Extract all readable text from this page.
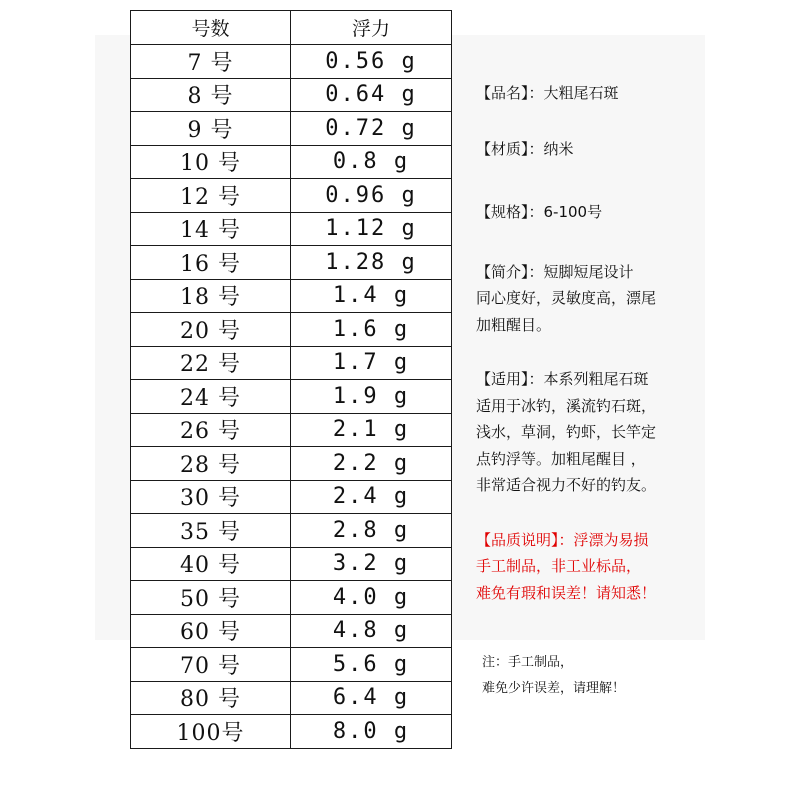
号数	浮力
7 号	0.56 g
8 号	0.64 g
9 号	0.72 g
10 号	0.8 g
12 号	0.96 g
14 号	1.12 g
16 号	1.28 g
18 号	1.4 g
20 号	1.6 g
22 号	1.7 g
24 号	1.9 g
26 号	2.1 g
28 号	2.2 g
30 号	2.4 g
35 号	2.8 g
40 号	3.2 g
50 号	4.0 g
60 号	4.8 g
70 号	5.6 g
80 号	6.4 g
100号	8.0 g
【品名】：大粗尾石斑
【材质】：纳米
【规格】：6-100号
【简介】：短脚短尾设计
同心度好，灵敏度高，漂尾
加粗醒目。
【适用】：本系列粗尾石斑
适用于冰钓，溪流钓石斑，
浅水，草洞，钓虾，长竿定
点钓浮等。加粗尾醒目 ，
非常适合视力不好的钓友。
【品质说明】：浮漂为易损
手工制品，非工业标品，
难免有瑕和误差！请知悉！
注：手工制品，
难免少许误差，请理解！
